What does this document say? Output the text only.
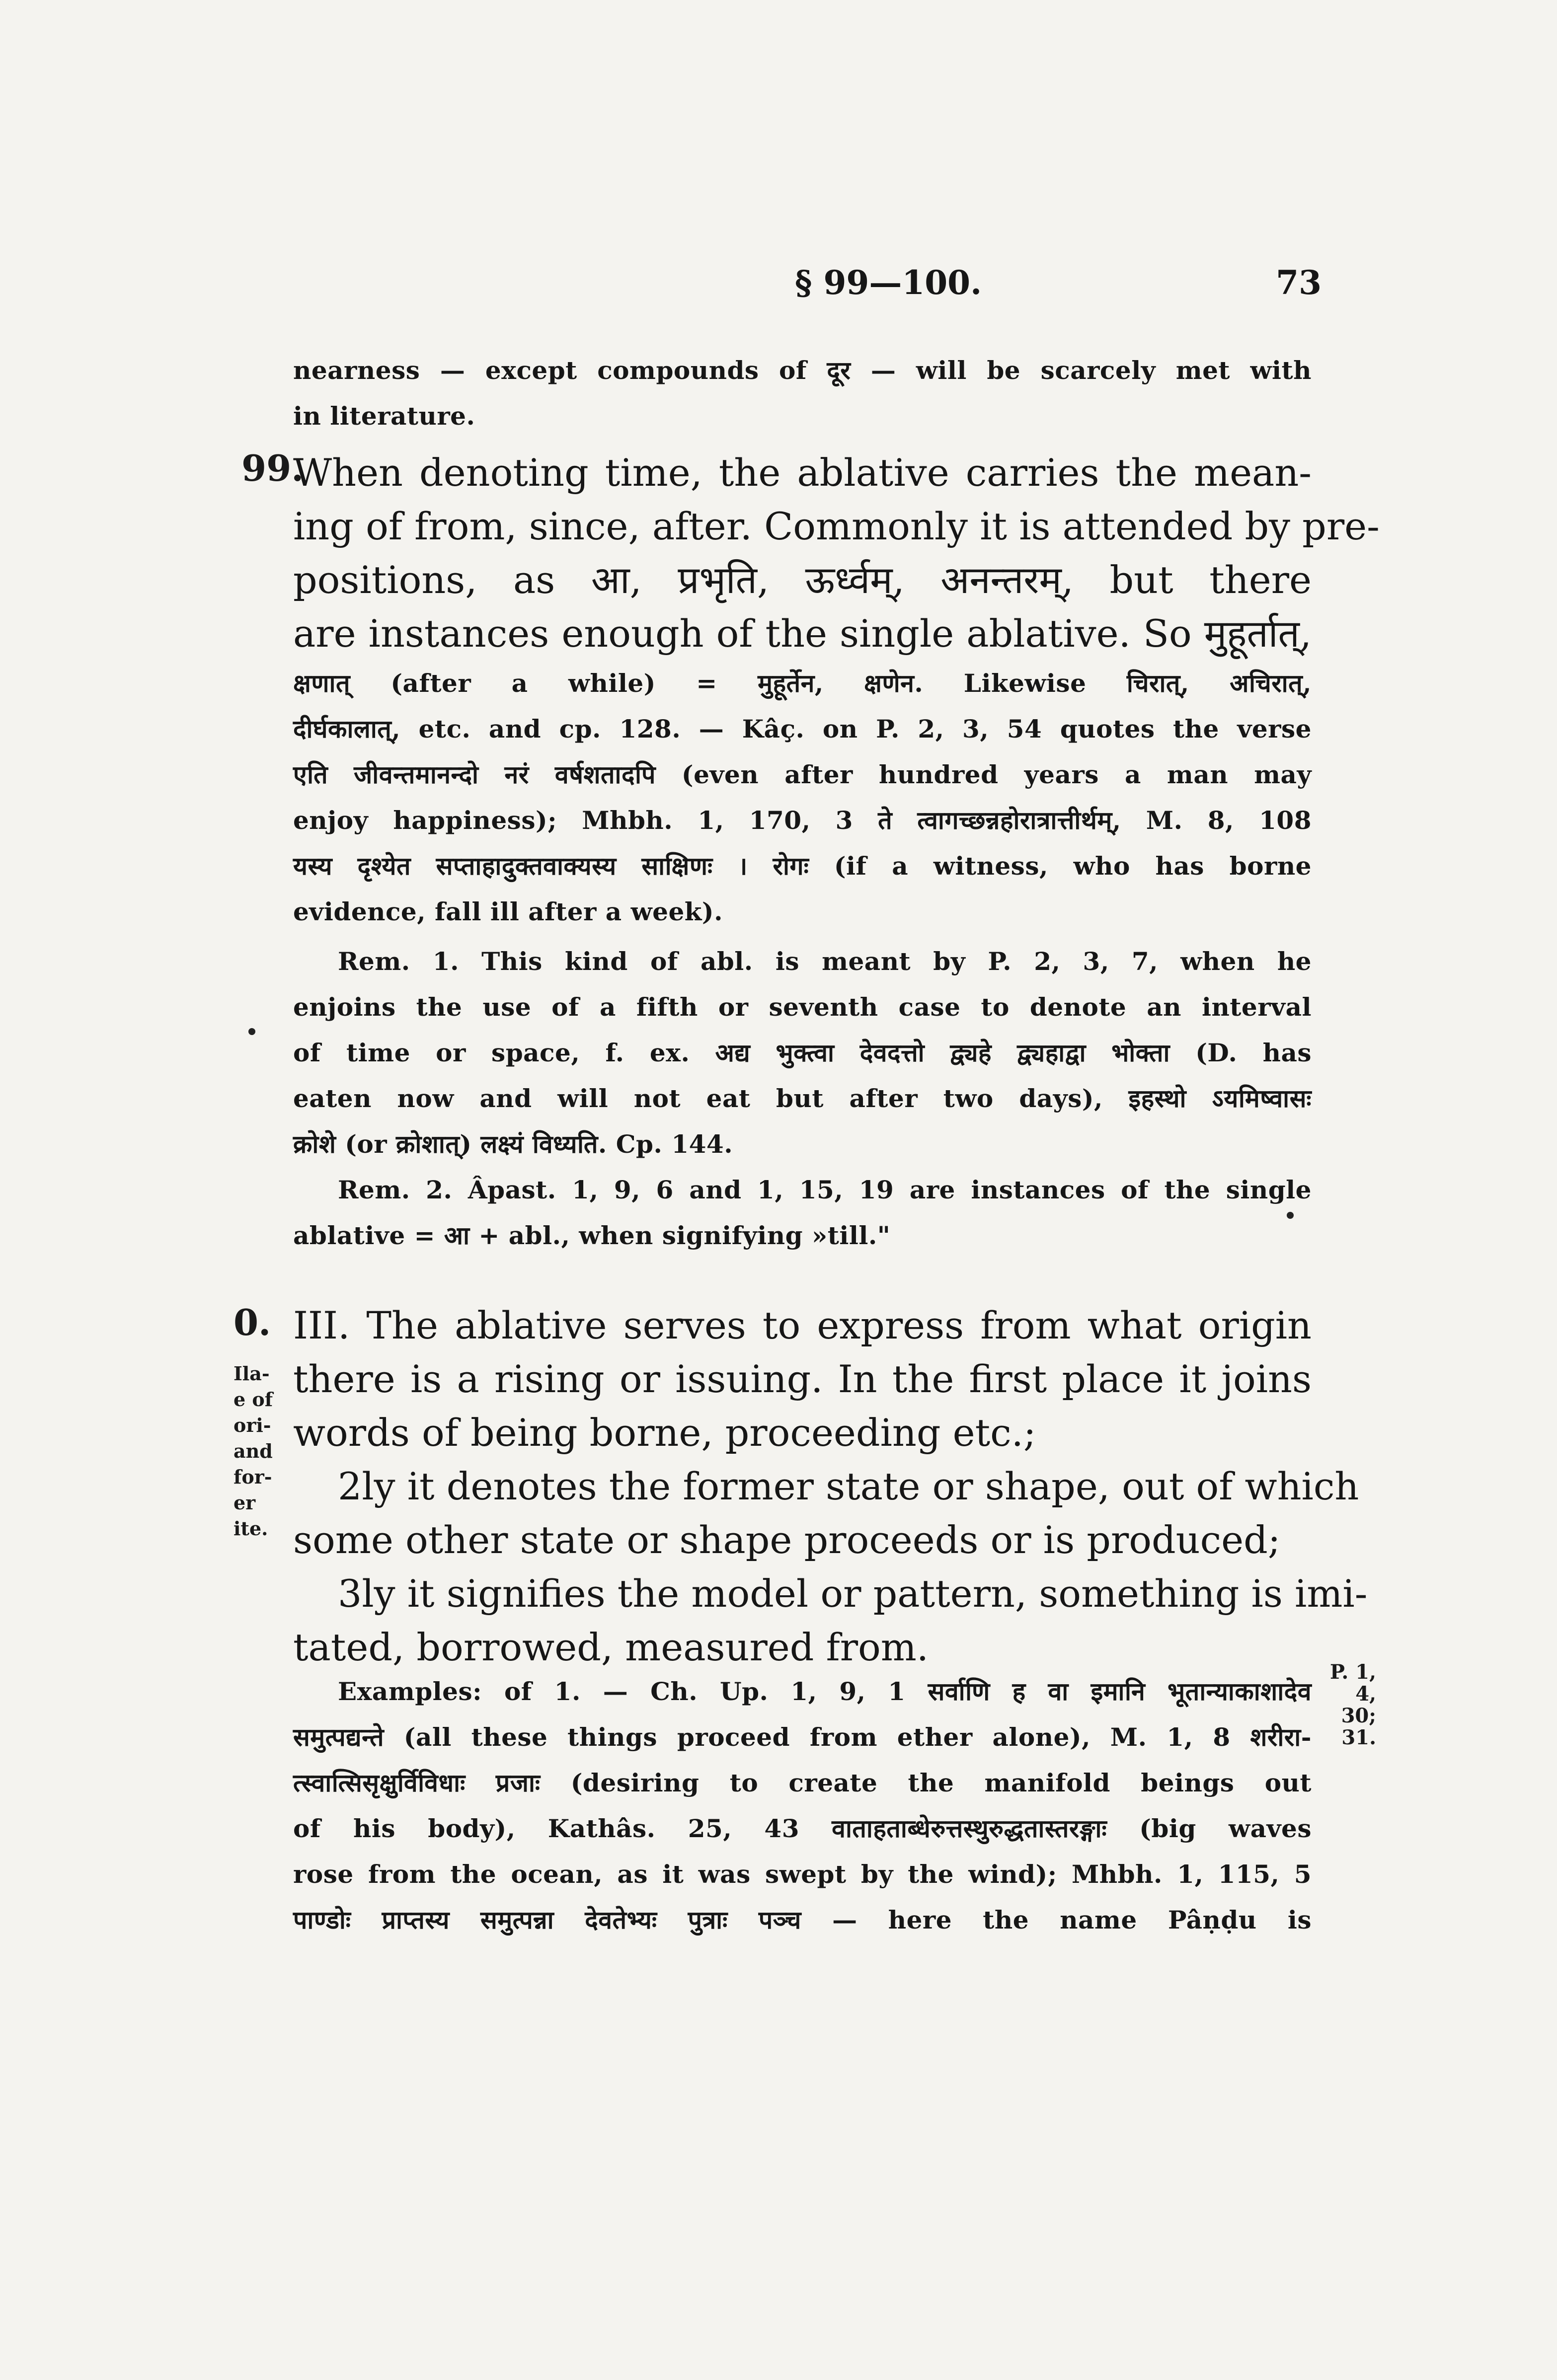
§ 99—100.	73
nearness — except compounds of दूर — will be scarcely met with
in literature.
99.
When denoting time, the ablative carries the mean-
ing of from, since, after. Commonly it is attended by pre-
positions, as आ, प्रभृति, ऊर्ध्वम्, अनन्तरम्, but there
are instances enough of the single ablative. So मुहूर्तात्,
क्षणात् (after a while) = मुहूर्तेन, क्षणेन. Likewise चिरात्, अचिरात्,
दीर्घकालात्, etc. and cp. 128. — Kâç. on P. 2, 3, 54 quotes the verse
एति जीवन्तमानन्दो नरं वर्षशतादपि (even after hundred years a man may
enjoy happiness); Mhbh. 1, 170, 3 ते त्वागच्छन्नहोरात्रात्तीर्थम्, M. 8, 108
यस्य दृश्येत सप्ताहादुक्तवाक्यस्य साक्षिणः । रोगः (if a witness, who has borne
evidence, fall ill after a week).
Rem. 1. This kind of abl. is meant by P. 2, 3, 7, when he
enjoins the use of a fifth or seventh case to denote an interval
of time or space, f. ex. अद्य भुक्त्वा देवदत्तो द्व्यहे द्व्यहाद्वा भोक्ता (D. has
eaten now and will not eat but after two days), इहस्थो ऽयमिष्वासः
क्रोशे (or क्रोशात्) लक्ष्यं विध्यति. Cp. 144.
Rem. 2. Âpast. 1, 9, 6 and 1, 15, 19 are instances of the single
ablative = आ + abl., when signifying »till."
0.
Ila-
e of
ori-
and
for-
er
ite.
III. The ablative serves to express from what origin
there is a rising or issuing. In the first place it joins
words of being borne, proceeding etc.;
2ly it denotes the former state or shape, out of which
some other state or shape proceeds or is produced;
3ly it signifies the model or pattern, something is imi-
tated, borrowed, measured from.
P. 1, 4,
30; 31.
Examples: of 1. — Ch. Up. 1, 9, 1 सर्वाणि ह वा इमानि भूतान्याकाशादेव
समुत्पद्यन्ते (all these things proceed from ether alone), M. 1, 8 शरीरा-
त्स्वात्सिसृक्षुर्विविधाः प्रजाः (desiring to create the manifold beings out
of his body), Kathâs. 25, 43 वाताहताब्धेरुत्तस्थुरुद्धतास्तरङ्गाः (big waves
rose from the ocean, as it was swept by the wind); Mhbh. 1, 115, 5
पाण्डोः प्राप्तस्य समुत्पन्ना देवतेभ्यः पुत्राः पञ्च — here the name Pâṇḍu is
